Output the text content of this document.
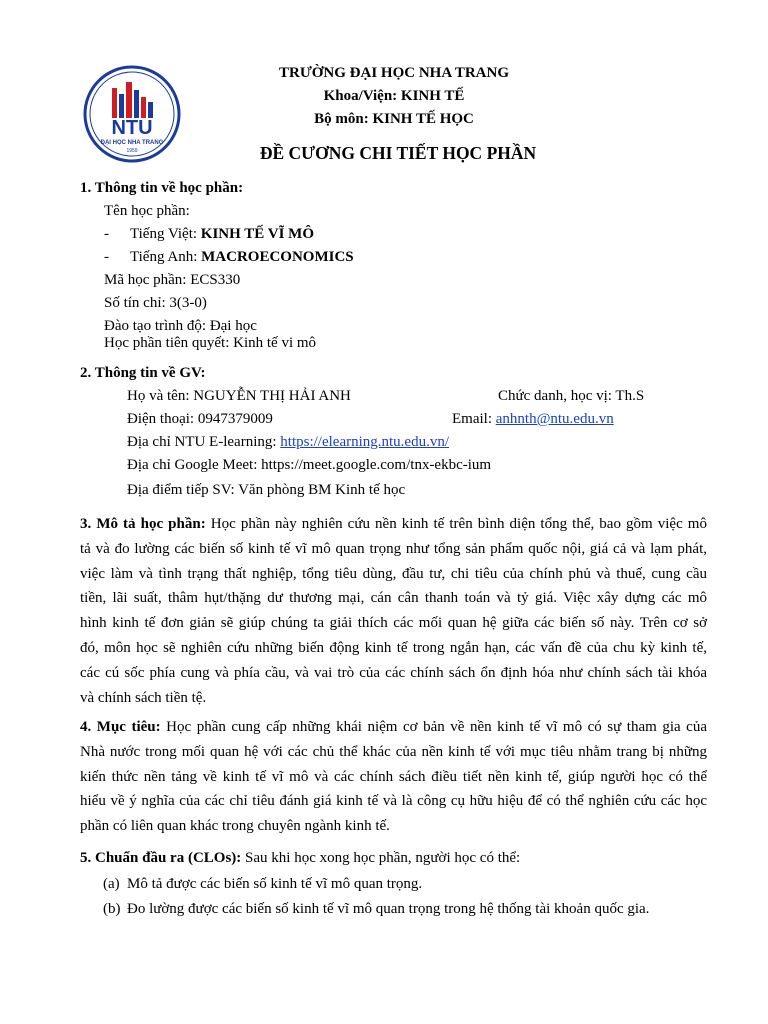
NTU
ĐẠI HỌC NHA TRANG
1959
TRƯỜNG ĐẠI HỌC NHA TRANG
Khoa/Viện: KINH TẾ
Bộ môn: KINH TẾ HỌC
ĐỀ CƯƠNG CHI TIẾT HỌC PHẦN
1. Thông tin về học phần:
Tên học phần:
- Tiếng Việt: KINH TẾ VĨ MÔ
- Tiếng Anh: MACROECONOMICS
Mã học phần: ECS330
Số tín chỉ: 3(3-0)
Đào tạo trình độ: Đại học
Học phần tiên quyết: Kinh tế vi mô
2. Thông tin về GV:
Họ và tên: NGUYỄN THỊ HẢI ANH	Chức danh, học vị: Th.S
Điện thoại: 0947379009	Email: anhnth@ntu.edu.vn
Địa chỉ NTU E-learning: https://elearning.ntu.edu.vn/
Địa chỉ Google Meet: https://meet.google.com/tnx-ekbc-ium
Địa điểm tiếp SV: Văn phòng BM Kinh tế học
3. Mô tả học phần: Học phần này nghiên cứu nền kinh tế trên bình diện tổng thể, bao gồm việc mô
tả và đo lường các biến số kinh tế vĩ mô quan trọng như tổng sản phẩm quốc nội, giá cả và lạm phát,
việc làm và tình trạng thất nghiệp, tổng tiêu dùng, đầu tư, chi tiêu của chính phủ và thuế, cung cầu
tiền, lãi suất, thâm hụt/thặng dư thương mại, cán cân thanh toán và tỷ giá. Việc xây dựng các mô
hình kinh tế đơn giản sẽ giúp chúng ta giải thích các mối quan hệ giữa các biến số này. Trên cơ sở
đó, môn học sẽ nghiên cứu những biến động kinh tế trong ngắn hạn, các vấn đề của chu kỳ kinh tế,
các cú sốc phía cung và phía cầu, và vai trò của các chính sách ổn định hóa như chính sách tài khóa
và chính sách tiền tệ.
4. Mục tiêu: Học phần cung cấp những khái niệm cơ bản về nền kinh tế vĩ mô có sự tham gia của
Nhà nước trong mối quan hệ với các chủ thể khác của nền kinh tế với mục tiêu nhằm trang bị những
kiến thức nền tảng về kinh tế vĩ mô và các chính sách điều tiết nền kinh tế, giúp người học có thể
hiểu về ý nghĩa của các chỉ tiêu đánh giá kinh tế và là công cụ hữu hiệu để có thể nghiên cứu các học
phần có liên quan khác trong chuyên ngành kinh tế.
5. Chuẩn đầu ra (CLOs): Sau khi học xong học phần, người học có thể:
(a) Mô tả được các biến số kinh tế vĩ mô quan trọng.
(b) Đo lường được các biến số kinh tế vĩ mô quan trọng trong hệ thống tài khoản quốc gia.
